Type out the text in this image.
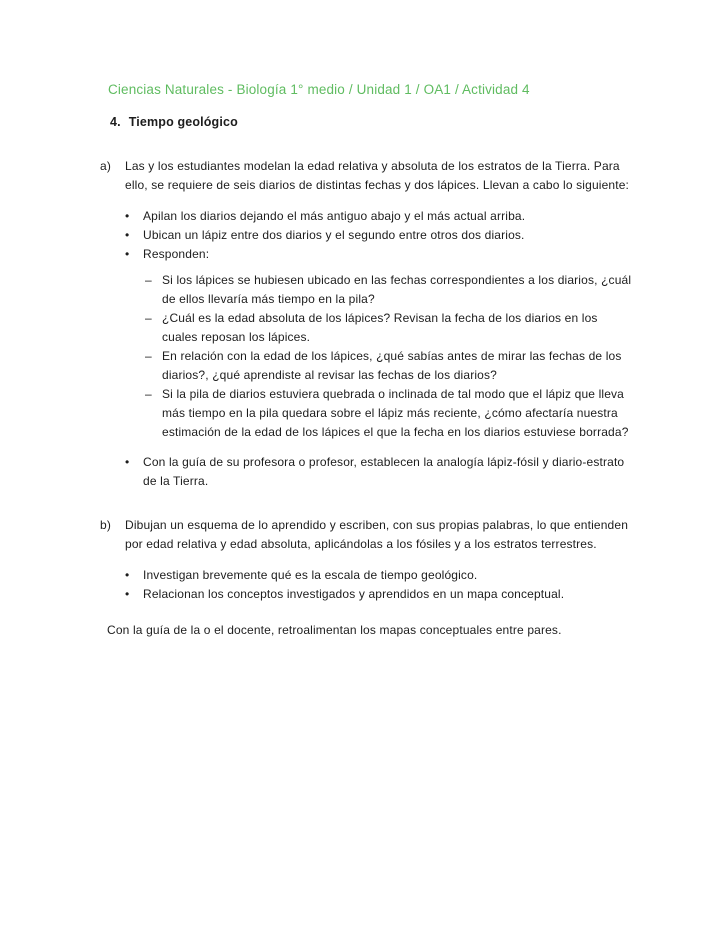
Ciencias Naturales - Biología 1° medio / Unidad 1 / OA1 / Actividad 4
4. Tiempo geológico
a)	Las y los estudiantes modelan la edad relativa y absoluta de los estratos de la Tierra. Para ello, se requiere de seis diarios de distintas fechas y dos lápices. Llevan a cabo lo siguiente:
•	Apilan los diarios dejando el más antiguo abajo y el más actual arriba.
•	Ubican un lápiz entre dos diarios y el segundo entre otros dos diarios.
•	Responden:
– Si los lápices se hubiesen ubicado en las fechas correspondientes a los diarios, ¿cuál de ellos llevaría más tiempo en la pila?
– ¿Cuál es la edad absoluta de los lápices? Revisan la fecha de los diarios en los cuales reposan los lápices.
– En relación con la edad de los lápices, ¿qué sabías antes de mirar las fechas de los diarios?, ¿qué aprendiste al revisar las fechas de los diarios?
– Si la pila de diarios estuviera quebrada o inclinada de tal modo que el lápiz que lleva más tiempo en la pila quedara sobre el lápiz más reciente, ¿cómo afectaría nuestra estimación de la edad de los lápices el que la fecha en los diarios estuviese borrada?
•	Con la guía de su profesora o profesor, establecen la analogía lápiz-fósil y diario-estrato de la Tierra.
b)	Dibujan un esquema de lo aprendido y escriben, con sus propias palabras, lo que entienden por edad relativa y edad absoluta, aplicándolas a los fósiles y a los estratos terrestres.
•	Investigan brevemente qué es la escala de tiempo geológico.
•	Relacionan los conceptos investigados y aprendidos en un mapa conceptual.
Con la guía de la o el docente, retroalimentan los mapas conceptuales entre pares.
